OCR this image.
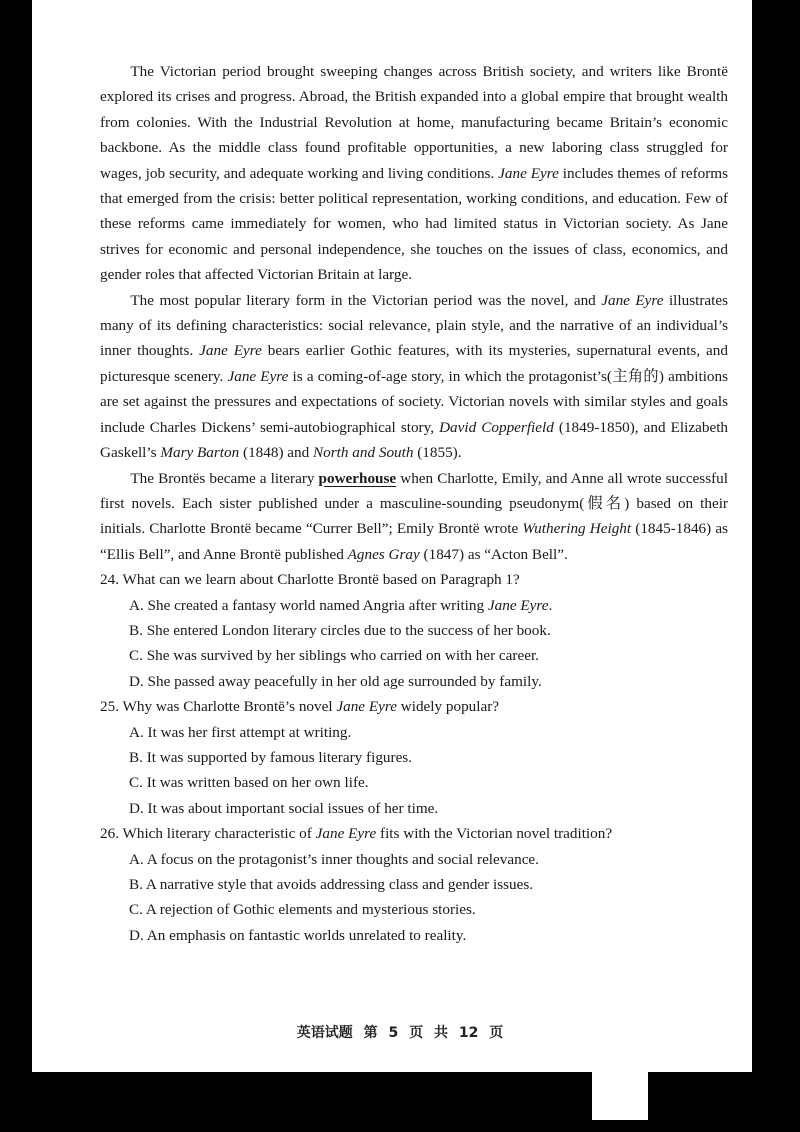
The Victorian period brought sweeping changes across British society, and writers like Brontë explored its crises and progress. Abroad, the British expanded into a global empire that brought wealth from colonies. With the Industrial Revolution at home, manufacturing became Britain’s economic backbone. As the middle class found profitable opportunities, a new laboring class struggled for wages, job security, and adequate working and living conditions. Jane Eyre includes themes of reforms that emerged from the crisis: better political representation, working conditions, and education. Few of these reforms came immediately for women, who had limited status in Victorian society. As Jane strives for economic and personal independence, she touches on the issues of class, economics, and gender roles that affected Victorian Britain at large.

The most popular literary form in the Victorian period was the novel, and Jane Eyre illustrates many of its defining characteristics: social relevance, plain style, and the narrative of an individual’s inner thoughts. Jane Eyre bears earlier Gothic features, with its mysteries, supernatural events, and picturesque scenery. Jane Eyre is a coming-of-age story, in which the protagonist’s(主角的) ambitions are set against the pressures and expectations of society. Victorian novels with similar styles and goals include Charles Dickens’ semi-autobiographical story, David Copperfield (1849-1850), and Elizabeth Gaskell’s Mary Barton (1848) and North and South (1855).

The Brontës became a literary powerhouse when Charlotte, Emily, and Anne all wrote successful first novels. Each sister published under a masculine-sounding pseudonym(假名) based on their initials. Charlotte Brontë became “Currer Bell”; Emily Brontë wrote Wuthering Height (1845-1846) as “Ellis Bell”, and Anne Brontë published Agnes Gray (1847) as “Acton Bell”.

24. What can we learn about Charlotte Brontë based on Paragraph 1?

A. She created a fantasy world named Angria after writing Jane Eyre.

B. She entered London literary circles due to the success of her book.

C. She was survived by her siblings who carried on with her career.

D. She passed away peacefully in her old age surrounded by family.

25. Why was Charlotte Brontë’s novel Jane Eyre widely popular?

A. It was her first attempt at writing.

B. It was supported by famous literary figures.

C. It was written based on her own life.

D. It was about important social issues of her time.

26. Which literary characteristic of Jane Eyre fits with the Victorian novel tradition?

A. A focus on the protagonist’s inner thoughts and social relevance.

B. A narrative style that avoids addressing class and gender issues.

C. A rejection of Gothic elements and mysterious stories.

D. An emphasis on fantastic worlds unrelated to reality.

英语试题 第 5 页 共 12 页
